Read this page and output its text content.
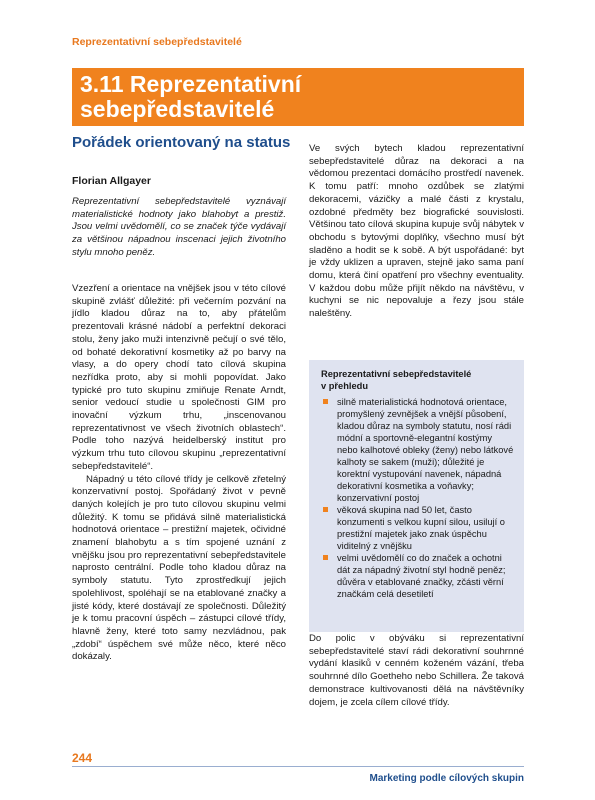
Reprezentativní sebepředstavitelé
3.11 Reprezentativní
sebepředstavitelé
Pořádek orientovaný na status
Florian Allgayer

Reprezentativní sebepředstavitelé vyznávají materialistické hodnoty jako blahobyt a prestiž. Jsou velmi uvědomělí, co se značek týče vydávají za většinou nápadnou inscenaci jejich životního stylu mnoho peněz.

Vzezření a orientace na vnějšek jsou v této cílové skupině zvlášť důležité: při večerním pozvání na jídlo kladou důraz na to, aby přátelům prezentovali krásné nádobí a perfektní dekoraci stolu, ženy jako muži intenzivně pečují o své tělo, od bohaté dekorativní kosmetiky až po barvy na vlasy, a do opery chodí tato cílová skupina nezřídka proto, aby si mohli popovídat. Jako typické pro tuto skupinu zmiňuje Renate Arndt, senior vedoucí studie u společnosti GIM pro inovační výzkum trhu, „inscenovanou reprezentativnost ve všech životních oblastech“. Podle toho nazývá heidelberský institut pro výzkum trhu tuto cílovou skupinu „reprezentativní sebepředstavitelé“.

Nápadný u této cílové třídy je celkově zřetelný konzervativní postoj. Spořádaný život v pevně daných kolejích je pro tuto cílovou skupinu velmi důležitý. K tomu se přidává silně materialistická hodnotová orientace – prestižní majetek, očividné znamení blahobytu a s tím spojené uznání z vnějšku jsou pro reprezentativní sebepředstavitele naprosto centrální. Podle toho kladou důraz na symboly statutu. Tyto zprostředkují jejich spolehlivost, spoléhají se na etablované značky a jisté kódy, které dostávají ze společnosti. Důležitý je k tomu pracovní úspěch – zástupci cílové třídy, hlavně ženy, které toto samy nezvládnou, pak „zdobí“ úspěchem své může něco, které něco dokázaly.

Ve svých bytech kladou reprezentativní sebepředstavitelé důraz na dekoraci a na vědomou prezentaci domácího prostředí navenek. K tomu patří: mnoho ozdůbek se zlatými dekoracemi, vázičky a malé části z krystalu, ozdobné předměty bez biografické souvislosti. Většinou tato cílová skupina kupuje svůj nábytek v obchodu s bytovými doplňky, všechno musí být sladěno a hodit se k sobě. A být uspořádané: byt je vždy uklizen a upraven, stejně jako sama paní domu, která činí opatření pro všechny eventuality. V každou dobu může přijít někdo na návštěvu, v kuchyni se nic nepovaluje a řezy jsou stále naleštěny.

Reprezentativní sebepředstavitelé
v přehledu
silně materialistická hodnotová orientace, promyšlený zevnějšek a vnější působení, kladou důraz na symboly statutu, nosí rádi módní a sportovně-elegantní kostýmy nebo kalhotové obleky (ženy) nebo látkové kalhoty se sakem (muži); důležité je korektní vystupování navenek, nápadná dekorativní kosmetika a voňavky; konzervativní postoj
věková skupina nad 50 let, často konzumenti s velkou kupní silou, usilují o prestižní majetek jako znak úspěchu viditelný z vnějšku
velmi uvědomělí co do značek a ochotni dát za nápadný životní styl hodně peněz; důvěra v etablované značky, zčásti věrní značkám celá desetiletí

Do polic v obýváku si reprezentativní sebepředstavitelé staví rádi dekorativní souhrnné vydání klasiků v cenném koženém vázání, třeba souhrnné dílo Goetheho nebo Schillera. Že taková demonstrace kultivovanosti dělá na návštěvníky dojem, je zcela cílem cílové třídy.

244
Marketing podle cílových skupin
